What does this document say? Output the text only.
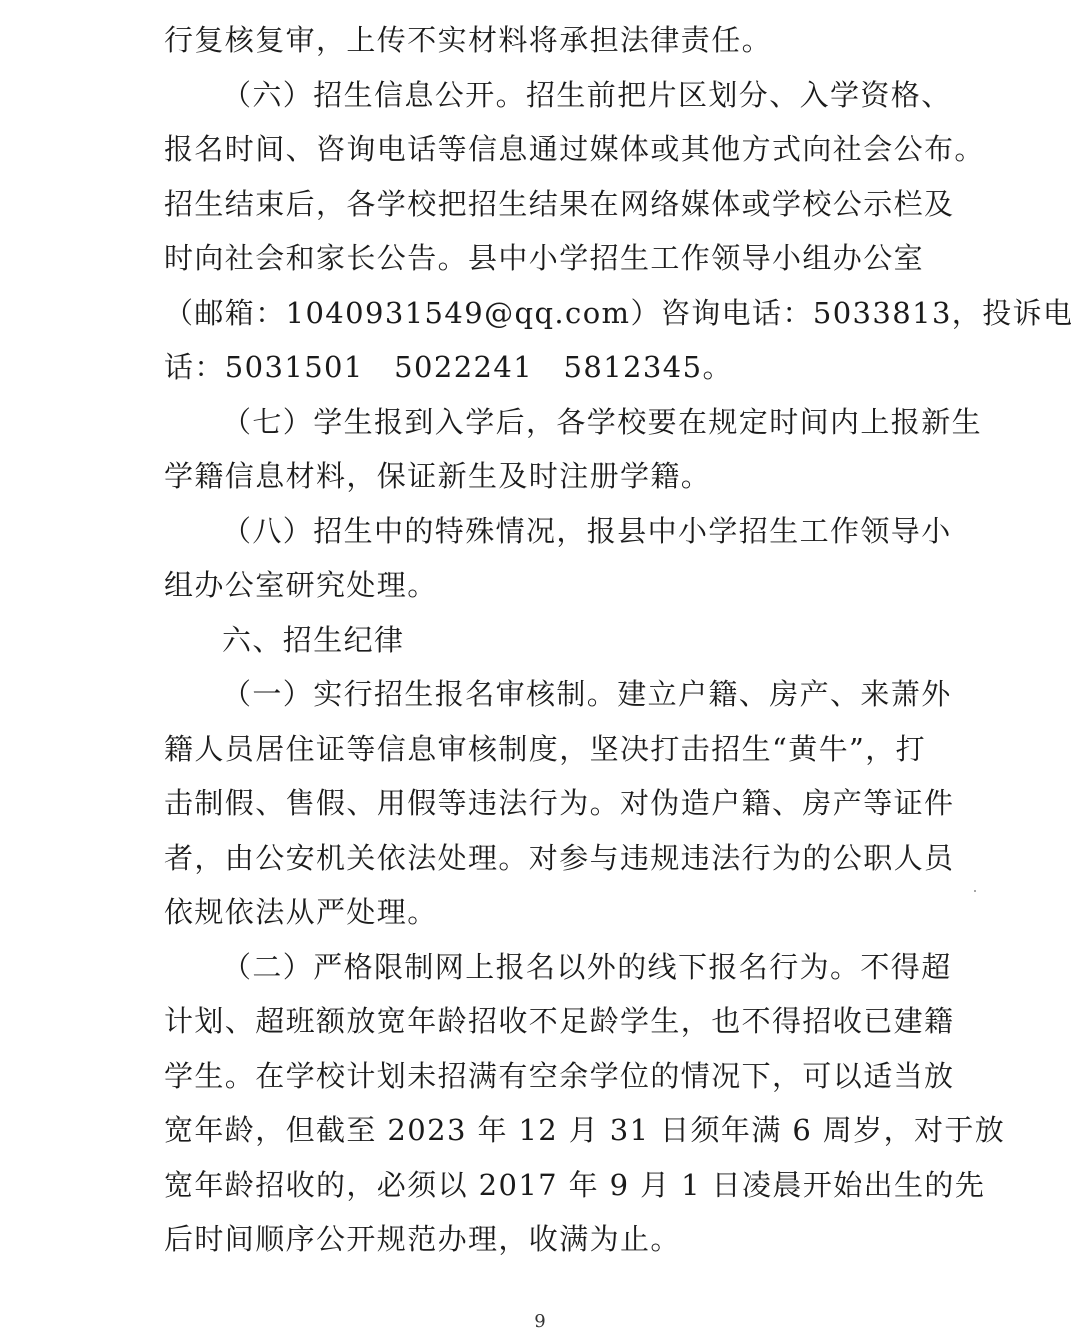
行复核复审，上传不实材料将承担法律责任。
（六）招生信息公开。招生前把片区划分、入学资格、
报名时间、咨询电话等信息通过媒体或其他方式向社会公布。
招生结束后，各学校把招生结果在网络媒体或学校公示栏及
时向社会和家长公告。县中小学招生工作领导小组办公室
（邮箱：1040931549@qq.com）咨询电话：5033813，投诉电
话：5031501　5022241　5812345。
（七）学生报到入学后，各学校要在规定时间内上报新生
学籍信息材料，保证新生及时注册学籍。
（八）招生中的特殊情况，报县中小学招生工作领导小
组办公室研究处理。
六、招生纪律
（一）实行招生报名审核制。建立户籍、房产、来萧外
籍人员居住证等信息审核制度，坚决打击招生“黄牛”，打
击制假、售假、用假等违法行为。对伪造户籍、房产等证件
者，由公安机关依法处理。对参与违规违法行为的公职人员
依规依法从严处理。
（二）严格限制网上报名以外的线下报名行为。不得超
计划、超班额放宽年龄招收不足龄学生，也不得招收已建籍
学生。在学校计划未招满有空余学位的情况下，可以适当放
宽年龄，但截至 2023 年 12 月 31 日须年满 6 周岁，对于放
宽年龄招收的，必须以 2017 年 9 月 1 日凌晨开始出生的先
后时间顺序公开规范办理，收满为止。
9
